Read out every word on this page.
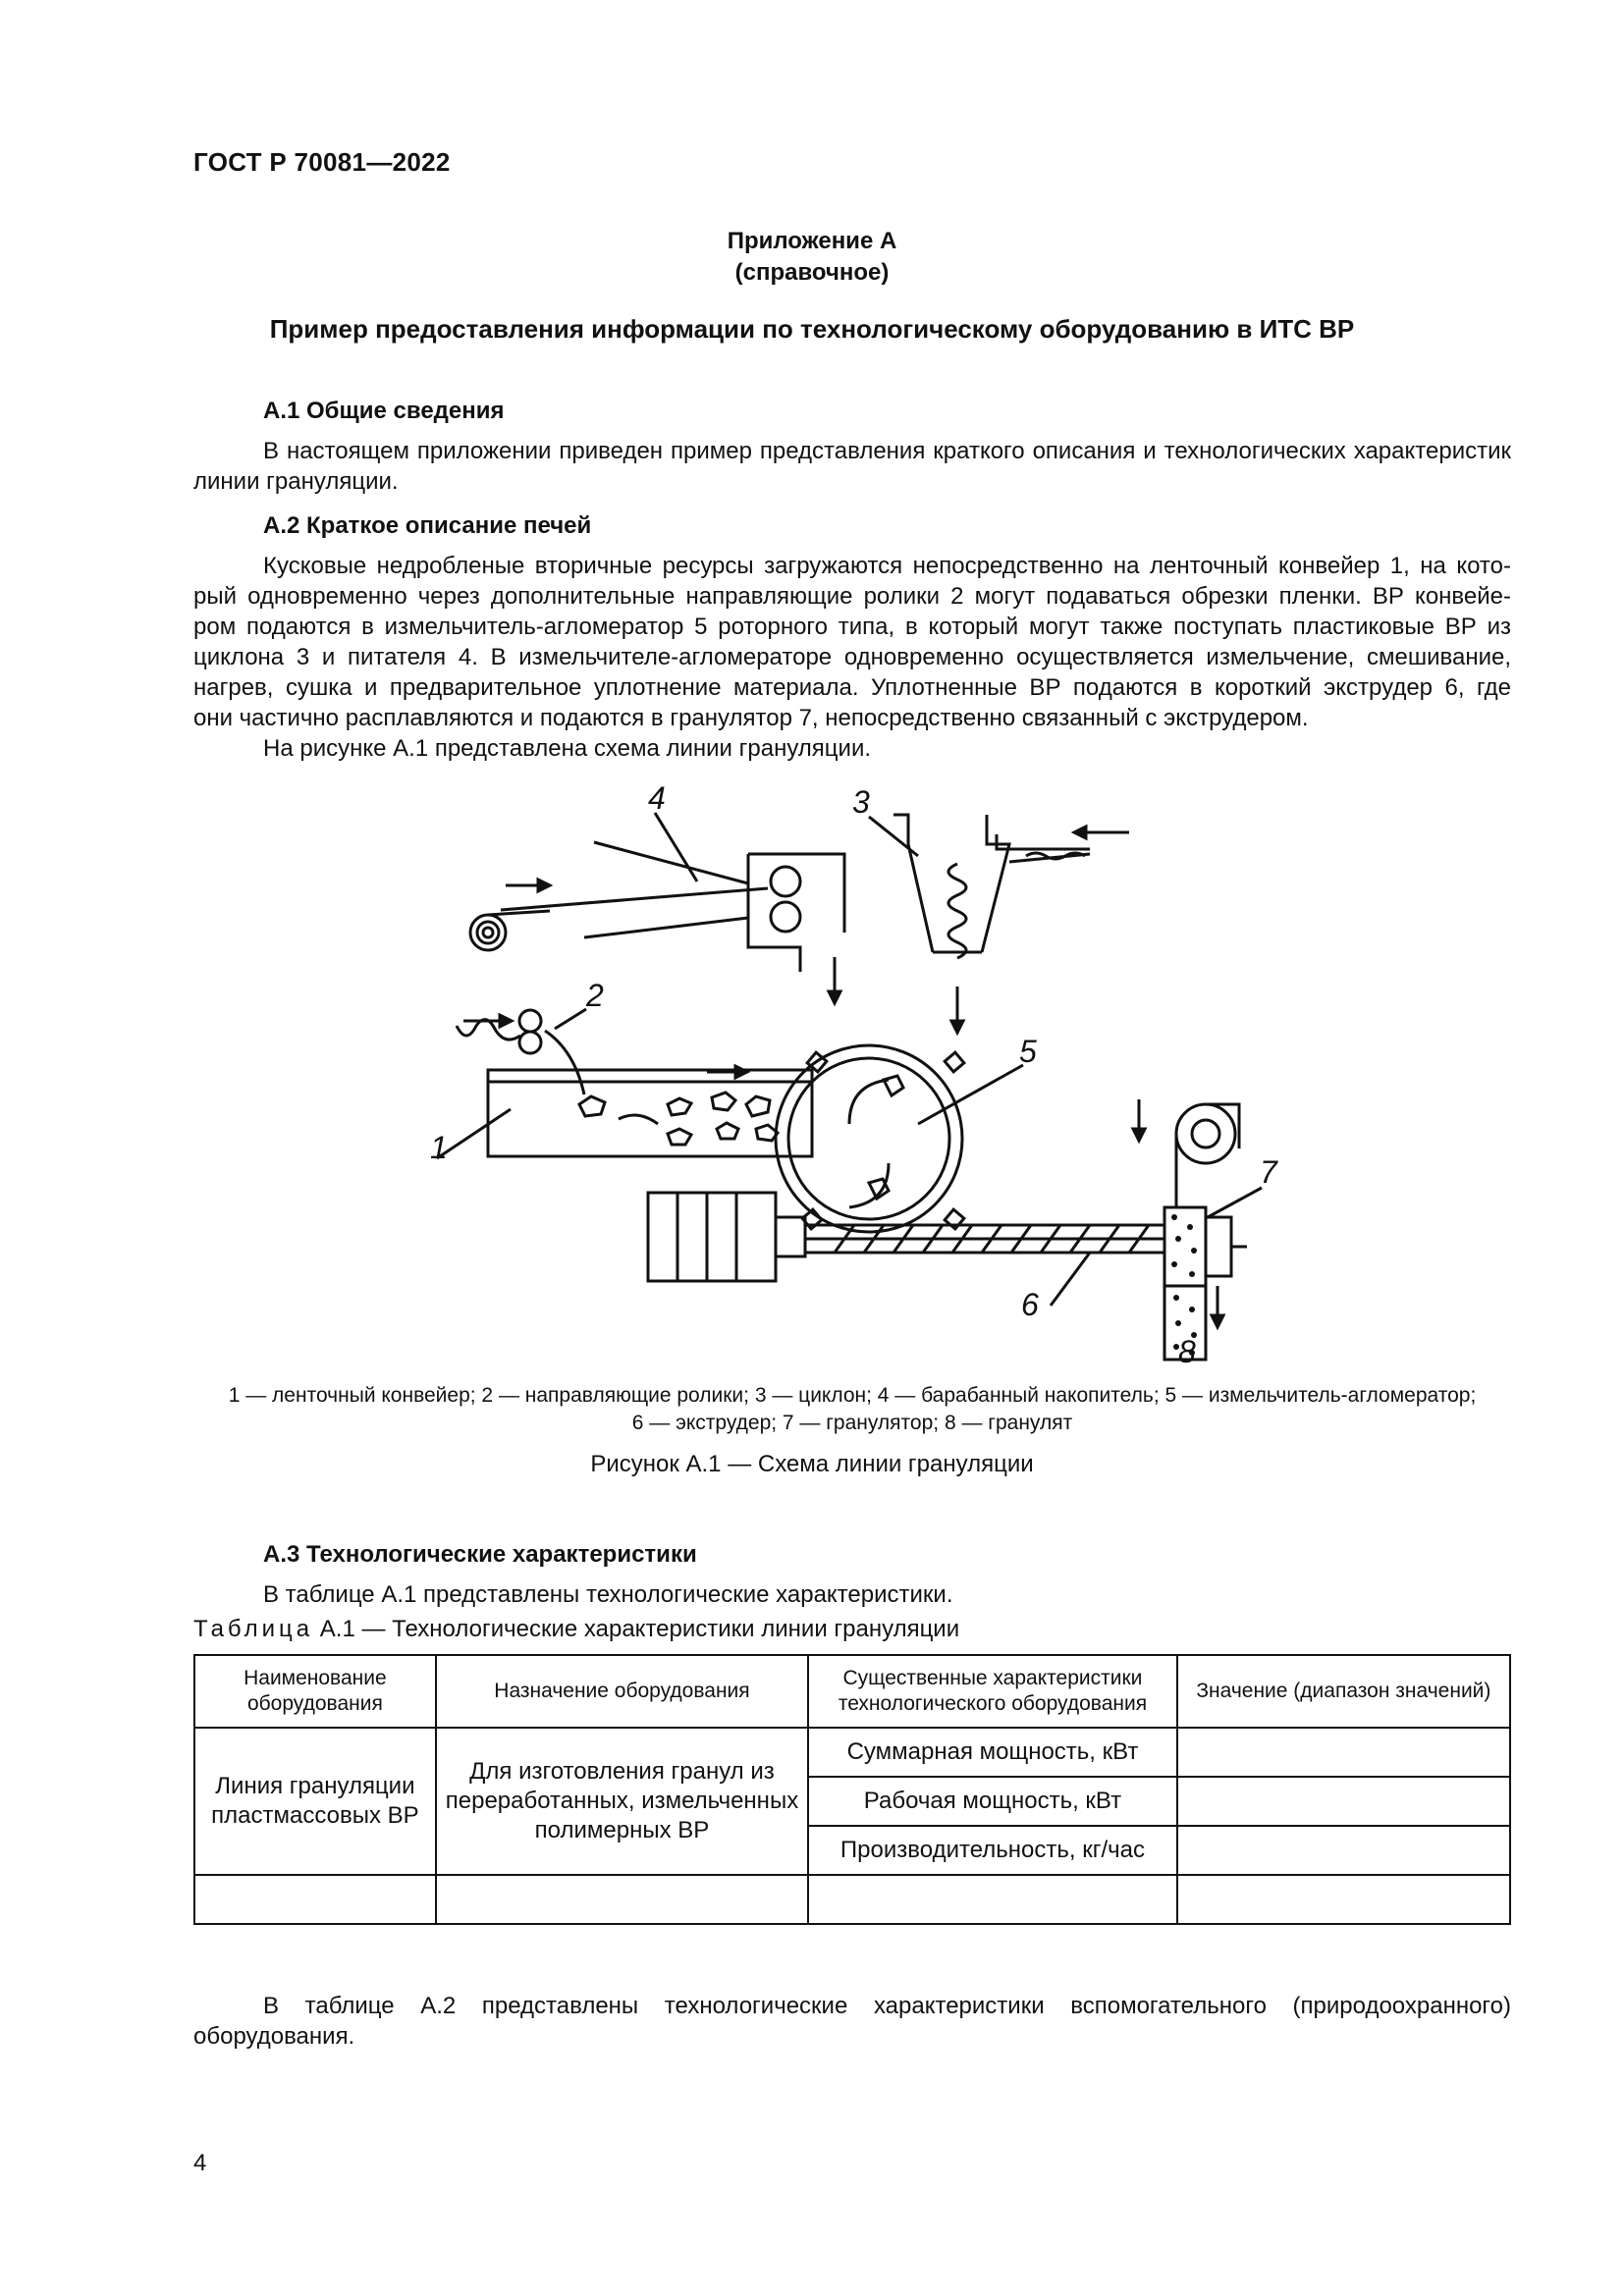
ГОСТ Р 70081—2022
Приложение А
(справочное)
Пример предоставления информации по технологическому оборудованию в ИТС ВР
А.1 Общие сведения
В настоящем приложении приведен пример представления краткого описания и технологических характеристик линии грануляции.
А.2 Краткое описание печей
Кусковые недробленые вторичные ресурсы загружаются непосредственно на ленточный конвейер 1, на кото-
рый одновременно через дополнительные направляющие ролики 2 могут подаваться обрезки пленки. ВР конвейе-
ром подаются в измельчитель-агломератор 5 роторного типа, в который могут также поступать пластиковые ВР из
циклона 3 и питателя 4. В измельчителе-агломераторе одновременно осуществляется измельчение, смешивание,
нагрев, сушка и предварительное уплотнение материала. Уплотненные ВР подаются в короткий экструдер 6, где
они частично расплавляются и подаются в гранулятор 7, непосредственно связанный с экструдером.
На рисунке А.1 представлена схема линии грануляции.
4	3
2
5
1
7
6
8
1 — ленточный конвейер; 2 — направляющие ролики; 3 — циклон; 4 — барабанный накопитель; 5 — измельчитель-агломератор;
6 — экструдер; 7 — гранулятор; 8 — гранулят
Рисунок А.1 — Схема линии грануляции
А.3 Технологические характеристики
В таблице А.1 представлены технологические характеристики.
Таблица А.1 — Технологические характеристики линии грануляции
Наименование оборудования	Назначение оборудования	Существенные характеристики технологического оборудования	Значение (диапазон значений)
Линия грануляции пластмассовых ВР	Для изготовления гранул из переработанных, измельченных полимерных ВР	Суммарная мощность, кВт	
		Рабочая мощность, кВт	
		Производительность, кг/час	

В таблице А.2 представлены технологические характеристики вспомогательного (природоохранного) оборудования.
4
